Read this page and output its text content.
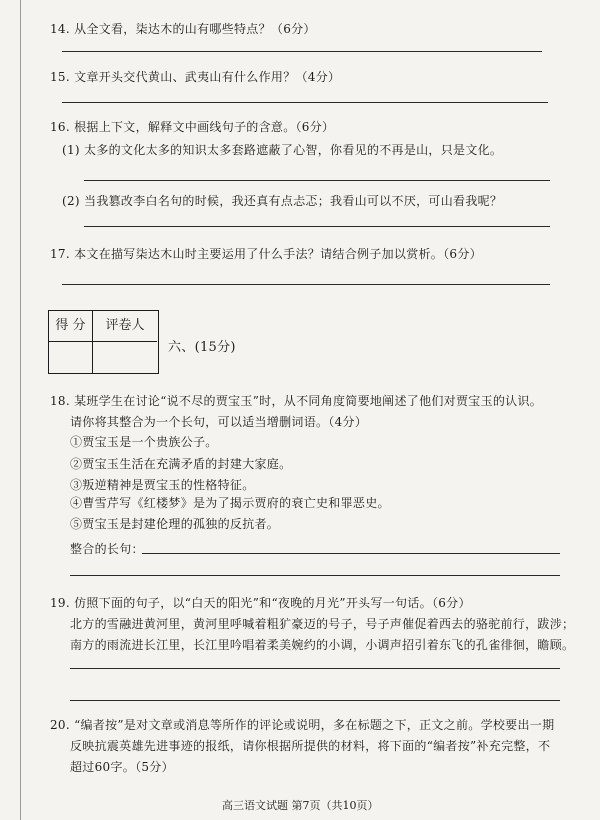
14. 从全文看，柒达木的山有哪些特点？（6分）
15. 文章开头交代黄山、武夷山有什么作用？（4分）
16. 根据上下文，解释文中画线句子的含意。（6分）
(1) 太多的文化太多的知识太多套路遮蔽了心智，你看见的不再是山，只是文化。
(2) 当我篡改李白名句的时候，我还真有点忐忑；我看山可以不厌，可山看我呢？
17. 本文在描写柒达木山时主要运用了什么手法？请结合例子加以赏析。（6分）
得 分	评卷人
六、(15分)
18. 某班学生在讨论“说不尽的贾宝玉”时，从不同角度简要地阐述了他们对贾宝玉的认识。
请你将其整合为一个长句，可以适当增删词语。（4分）
①贾宝玉是一个贵族公子。
②贾宝玉生活在充满矛盾的封建大家庭。
③叛逆精神是贾宝玉的性格特征。
④曹雪芹写《红楼梦》是为了揭示贾府的衰亡史和罪恶史。
⑤贾宝玉是封建伦理的孤独的反抗者。
整合的长句：
19. 仿照下面的句子，以“白天的阳光”和“夜晚的月光”开头写一句话。（6分）
北方的雪融进黄河里，黄河里呼喊着粗犷豪迈的号子，号子声催促着西去的骆驼前行，跋涉；
南方的雨流进长江里，长江里吟唱着柔美婉约的小调，小调声招引着东飞的孔雀徘徊，瞻顾。
20. “编者按”是对文章或消息等所作的评论或说明，多在标题之下，正文之前。学校要出一期
反映抗震英雄先进事迹的报纸，请你根据所提供的材料，将下面的“编者按”补充完整，不
超过60字。（5分）
高三语文试题 第7页（共10页）
